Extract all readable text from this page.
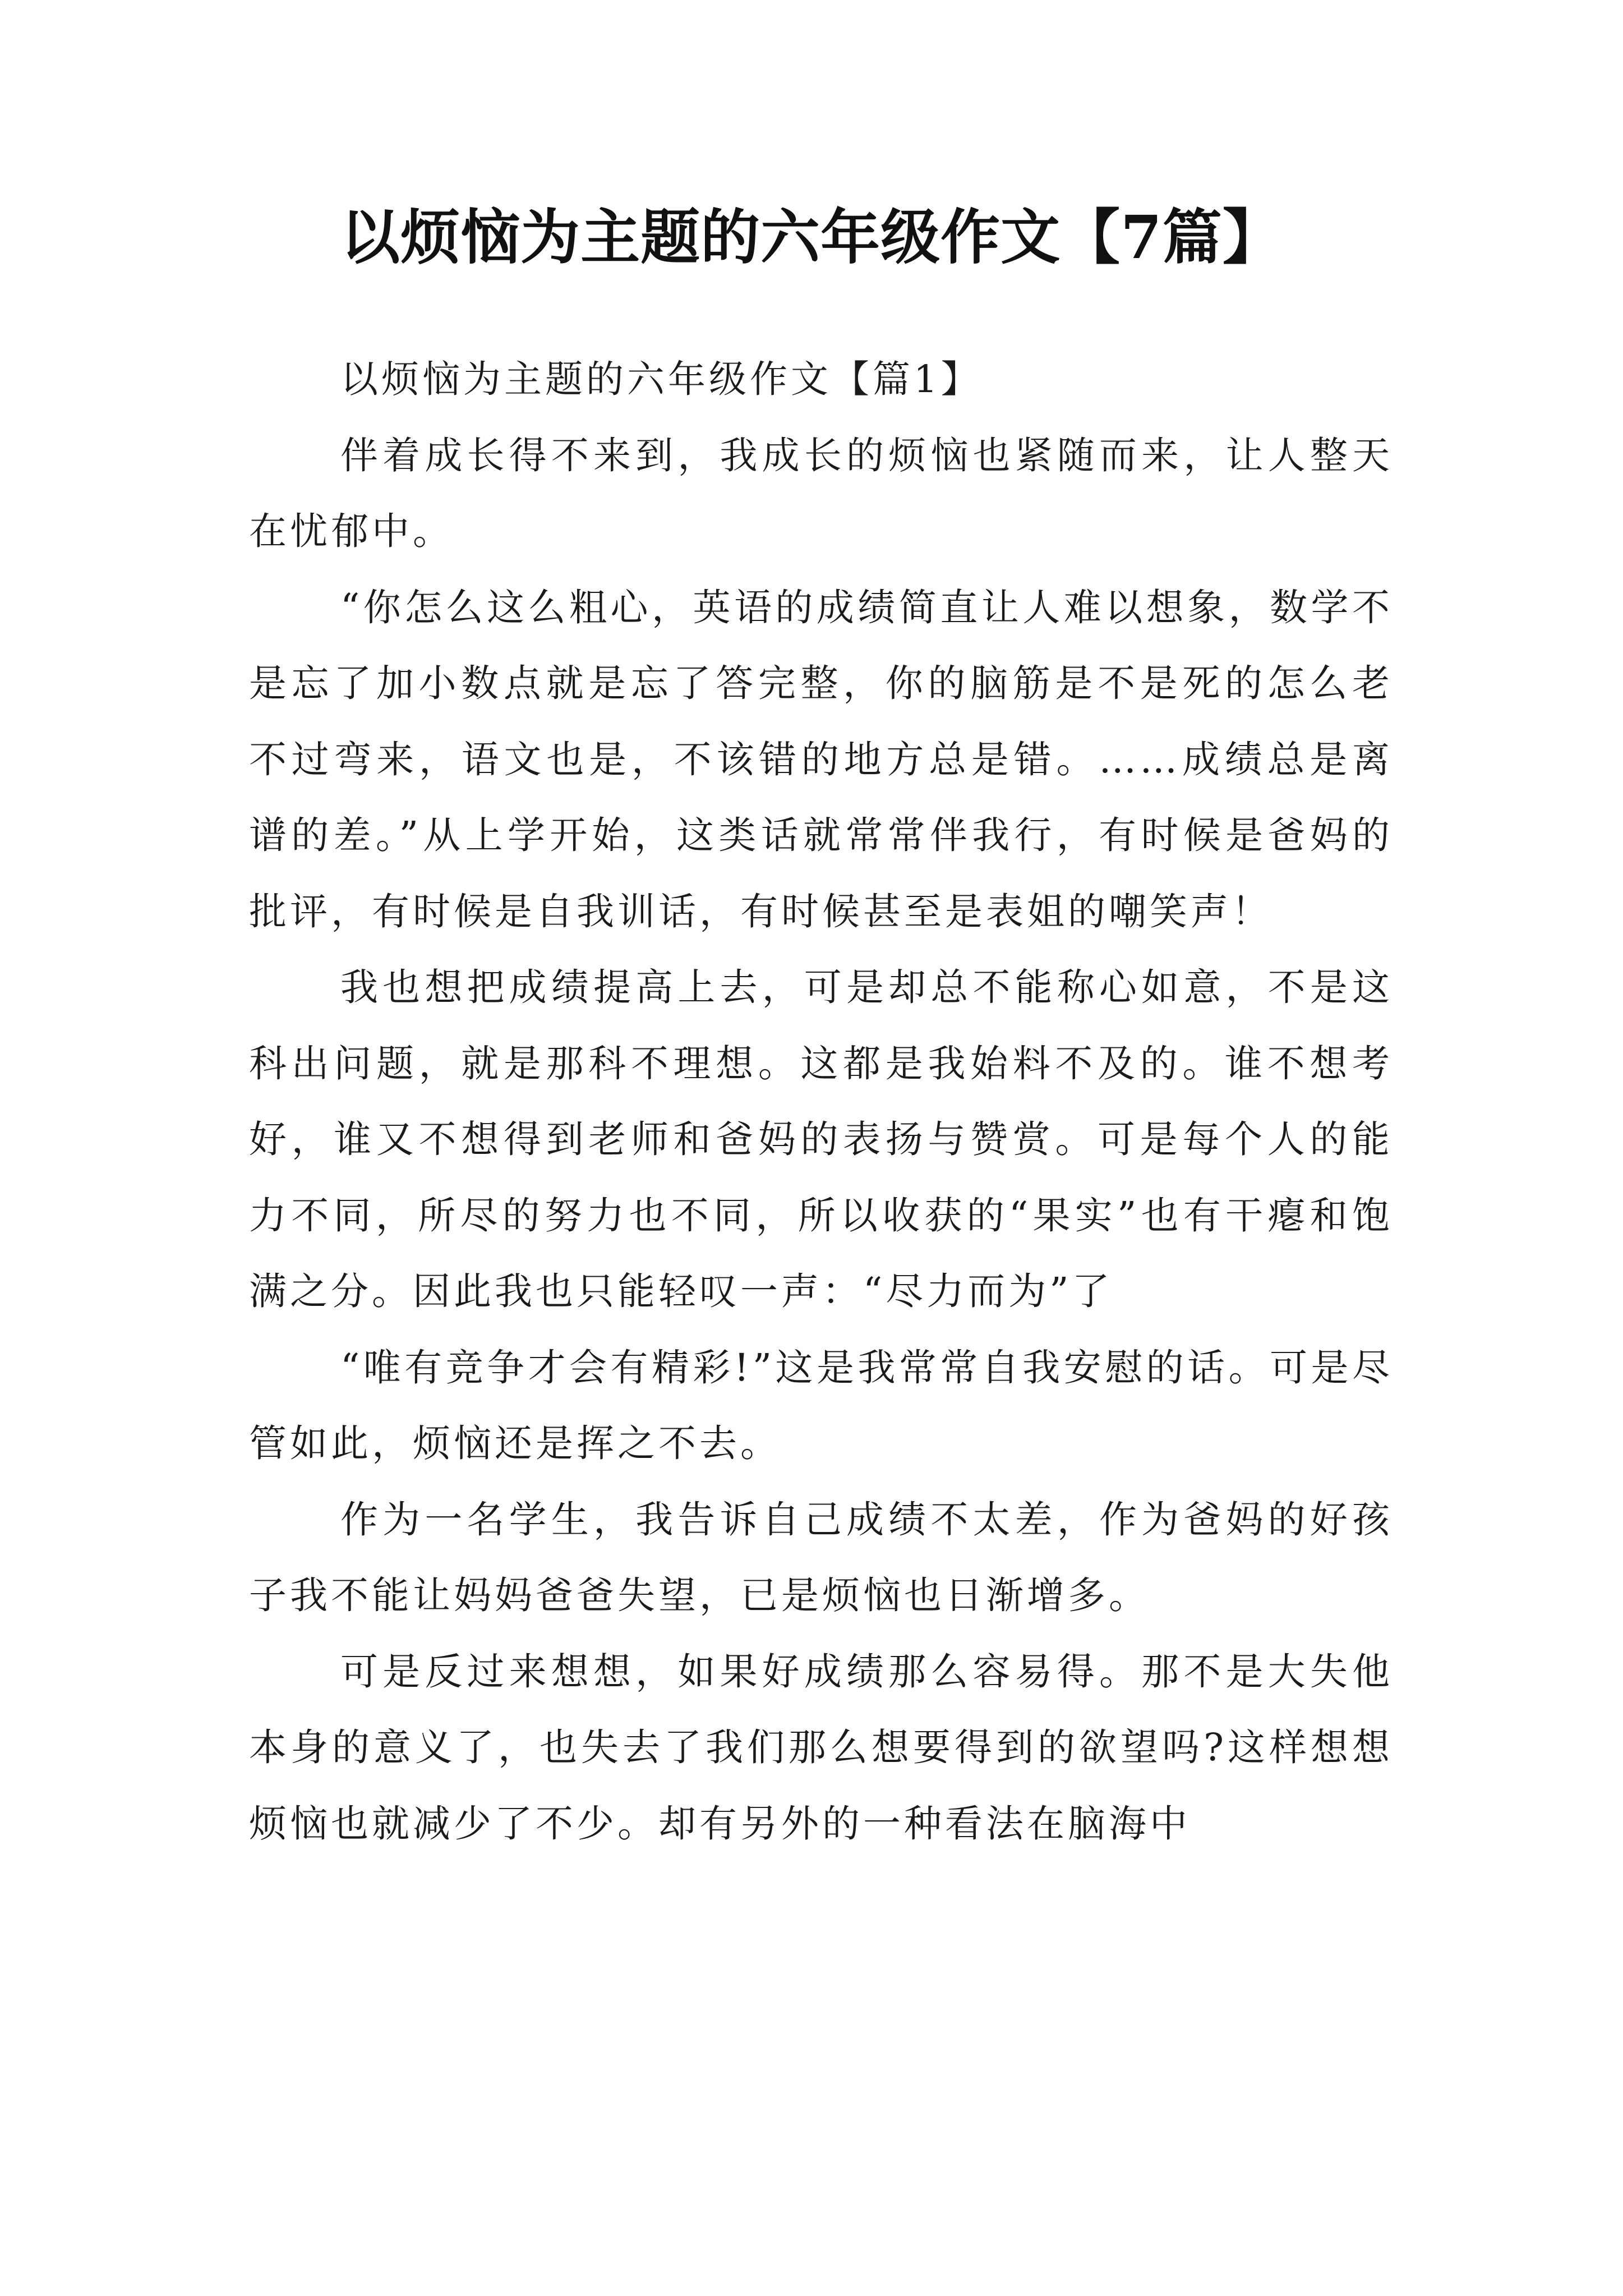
以烦恼为主题的六年级作文【7篇】

以烦恼为主题的六年级作文【篇1】

伴着成长得不来到，我成长的烦恼也紧随而来，让人整天在忧郁中。

“你怎么这么粗心，英语的成绩简直让人难以想象，数学不是忘了加小数点就是忘了答完整，你的脑筋是不是死的怎么老不过弯来，语文也是，不该错的地方总是错。……成绩总是离谱的差。”从上学开始，这类话就常常伴我行，有时候是爸妈的批评，有时候是自我训话，有时候甚至是表姐的嘲笑声！

我也想把成绩提高上去，可是却总不能称心如意，不是这科出问题，就是那科不理想。这都是我始料不及的。谁不想考好，谁又不想得到老师和爸妈的表扬与赞赏。可是每个人的能力不同，所尽的努力也不同，所以收获的“果实”也有干瘪和饱满之分。因此我也只能轻叹一声：“尽力而为”了

“唯有竞争才会有精彩!”这是我常常自我安慰的话。可是尽管如此，烦恼还是挥之不去。

作为一名学生，我告诉自己成绩不太差，作为爸妈的好孩子我不能让妈妈爸爸失望，已是烦恼也日渐增多。

可是反过来想想，如果好成绩那么容易得。那不是大失他本身的意义了，也失去了我们那么想要得到的欲望吗?这样想想烦恼也就减少了不少。却有另外的一种看法在脑海中
